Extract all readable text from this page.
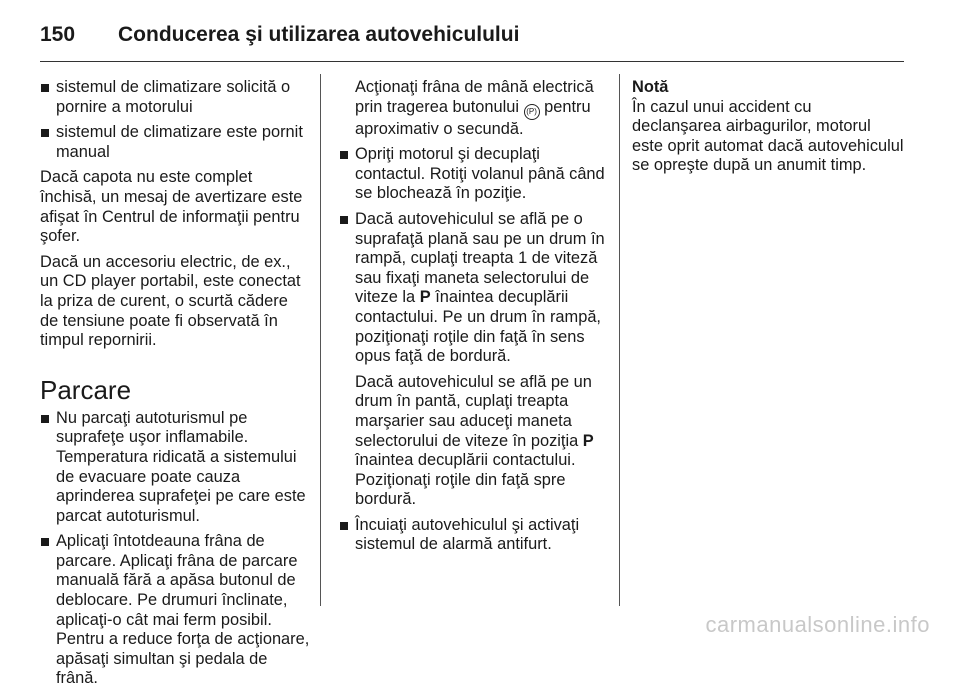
150	Conducerea şi utilizarea autovehiculului
sistemul de climatizare solicită o pornire a motorului
sistemul de climatizare este pornit manual

Dacă capota nu este complet închisă, un mesaj de avertizare este afişat în Centrul de informaţii pentru şofer.

Dacă un accesoriu electric, de ex., un CD player portabil, este conectat la priza de curent, o scurtă cădere de tensiune poate fi observată în timpul repornirii.

Parcare
Nu parcaţi autoturismul pe suprafeţe uşor inflamabile. Temperatura ridicată a sistemului de evacuare poate cauza aprinderea suprafeţei pe care este parcat autoturismul.
Aplicaţi întotdeauna frâna de parcare. Aplicaţi frâna de parcare manuală fără a apăsa butonul de deblocare. Pe drumuri înclinate, aplicaţi-o cât mai ferm posibil. Pentru a reduce forţa de acţionare, apăsaţi simultan şi pedala de frână.
Acţionaţi frâna de mână electrică prin tragerea butonului (P) pentru aproximativ o secundă.
Opriţi motorul şi decuplaţi contactul. Rotiţi volanul până când se blochează în poziţie.
Dacă autovehiculul se află pe o suprafaţă plană sau pe un drum în rampă, cuplaţi treapta 1 de viteză sau fixaţi maneta selectorului de viteze la P înaintea decuplării contactului. Pe un drum în rampă, poziţionaţi roţile din faţă în sens opus faţă de bordură.
Dacă autovehiculul se află pe un drum în pantă, cuplaţi treapta marşarier sau aduceţi maneta selectorului de viteze în poziţia P înaintea decuplării contactului. Poziţionaţi roţile din faţă spre bordură.
Încuiaţi autovehiculul şi activaţi sistemul de alarmă antifurt.
Notă

În cazul unui accident cu declanşarea airbagurilor, motorul este oprit automat dacă autovehiculul se opreşte după un anumit timp.

carmanualsonline.info
